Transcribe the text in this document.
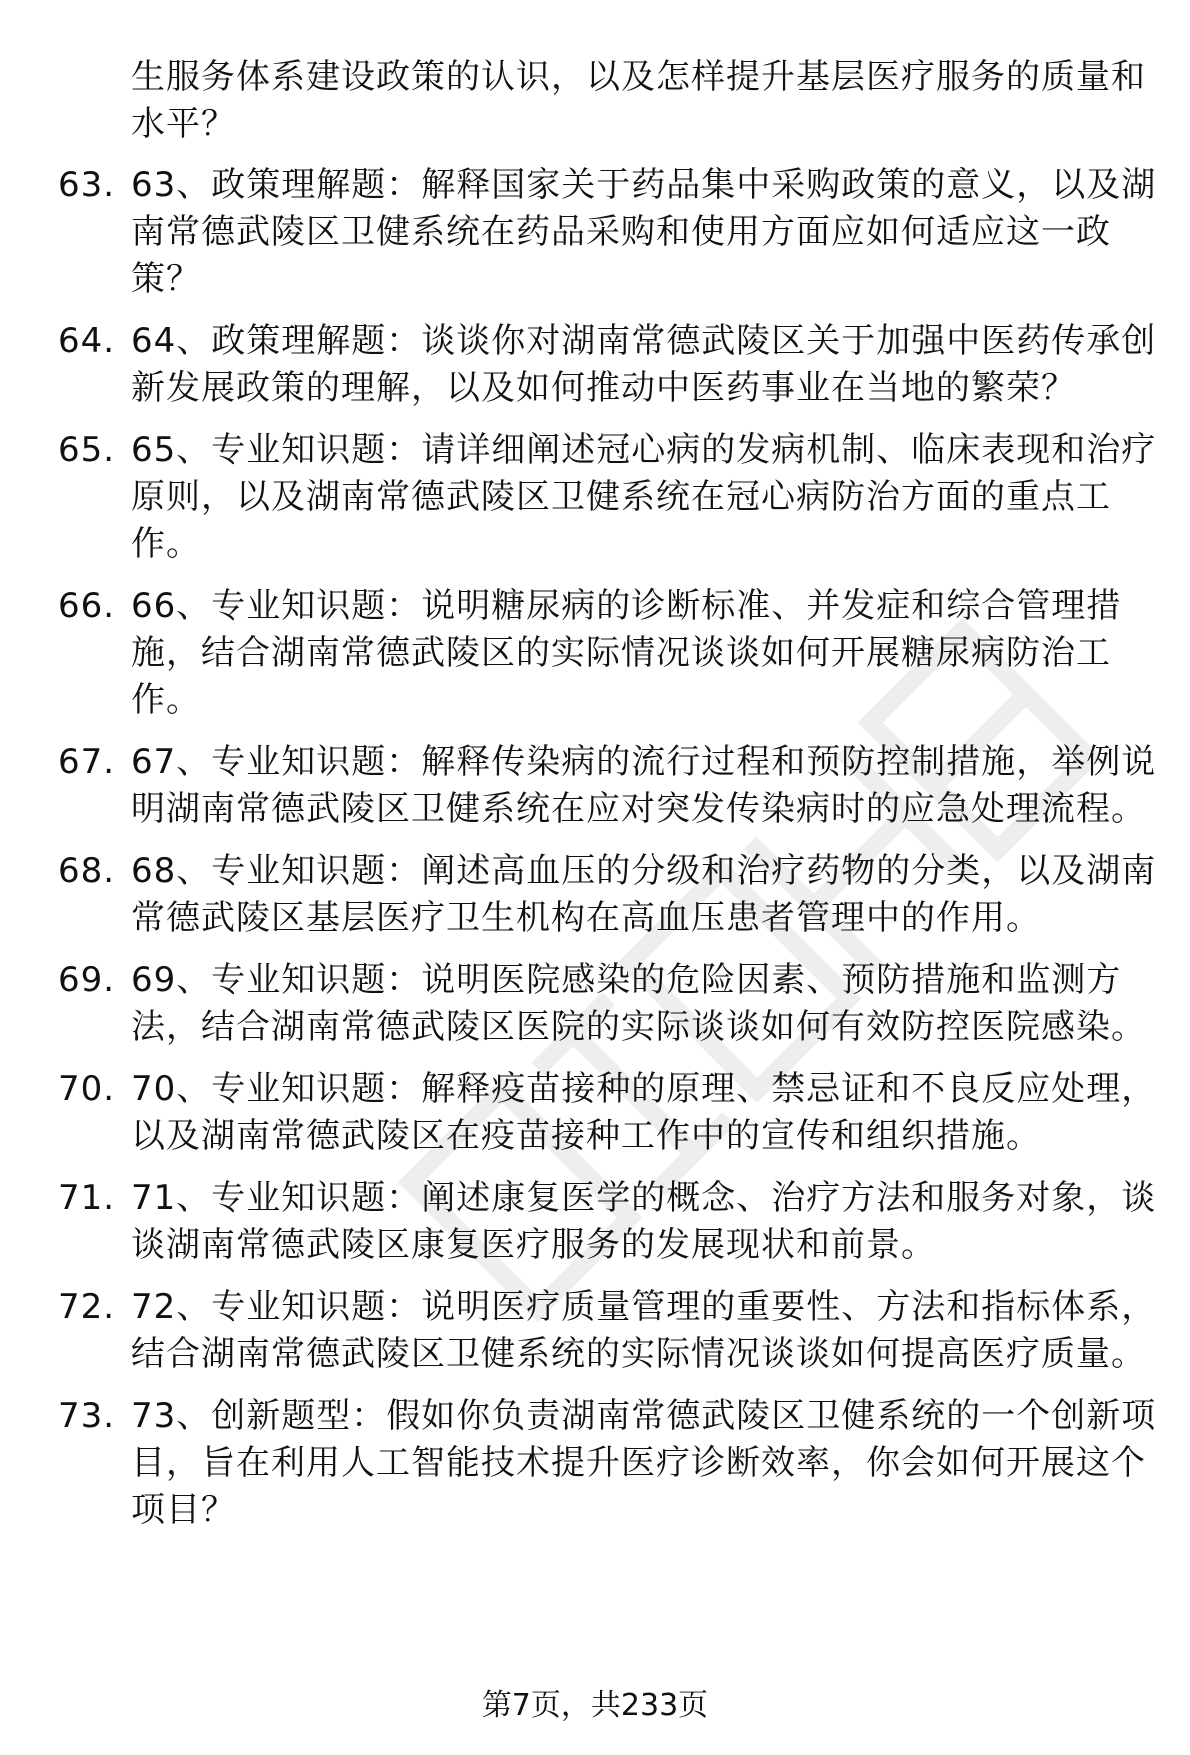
生服务体系建设政策的认识，以及怎样提升基层医疗服务的质量和水平？
63. 63、政策理解题：解释国家关于药品集中采购政策的意义，以及湖南常德武陵区卫健系统在药品采购和使用方面应如何适应这一政策？
64. 64、政策理解题：谈谈你对湖南常德武陵区关于加强中医药传承创新发展政策的理解，以及如何推动中医药事业在当地的繁荣？
65. 65、专业知识题：请详细阐述冠心病的发病机制、临床表现和治疗原则，以及湖南常德武陵区卫健系统在冠心病防治方面的重点工作。
66. 66、专业知识题：说明糖尿病的诊断标准、并发症和综合管理措施，结合湖南常德武陵区的实际情况谈谈如何开展糖尿病防治工作。
67. 67、专业知识题：解释传染病的流行过程和预防控制措施，举例说明湖南常德武陵区卫健系统在应对突发传染病时的应急处理流程。
68. 68、专业知识题：阐述高血压的分级和治疗药物的分类，以及湖南常德武陵区基层医疗卫生机构在高血压患者管理中的作用。
69. 69、专业知识题：说明医院感染的危险因素、预防措施和监测方法，结合湖南常德武陵区医院的实际谈谈如何有效防控医院感染。
70. 70、专业知识题：解释疫苗接种的原理、禁忌证和不良反应处理，以及湖南常德武陵区在疫苗接种工作中的宣传和组织措施。
71. 71、专业知识题：阐述康复医学的概念、治疗方法和服务对象，谈谈湖南常德武陵区康复医疗服务的发展现状和前景。
72. 72、专业知识题：说明医疗质量管理的重要性、方法和指标体系，结合湖南常德武陵区卫健系统的实际情况谈谈如何提高医疗质量。
73. 73、创新题型：假如你负责湖南常德武陵区卫健系统的一个创新项目，旨在利用人工智能技术提升医疗诊断效率，你会如何开展这个项目？
第7页，共233页
